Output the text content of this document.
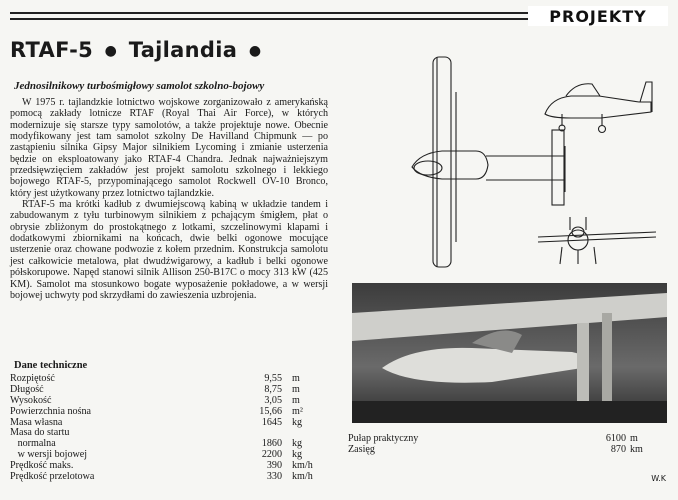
PROJEKTY
RTAF-5 ● Tajlandia ●
Jednosilnikowy turbośmigłowy samolot szkolno-bojowy

W 1975 r. tajlandzkie lotnictwo wojskowe zorganizowało z amerykańską pomocą zakłady lotnicze RTAF (Royal Thai Air Force), w których modernizuje się starsze typy samolotów, a także projektuje nowe. Obecnie modyfikowany jest tam samolot szkolny De Havilland Chipmunk — po zastąpieniu silnika Gipsy Major silnikiem Lycoming i zmianie usterzenia będzie on eksploatowany jako RTAF-4 Chandra. Jednak najważniejszym przedsięwzięciem zakładów jest projekt samolotu szkolnego i lekkiego bojowego RTAF-5, przypominającego samolot Rockwell OV-10 Bronco, który jest użytkowany przez lotnictwo tajlandzkie.

RTAF-5 ma krótki kadłub z dwumiejscową kabiną w układzie tandem i zabudowanym z tyłu turbinowym silnikiem z pchającym śmigłem, płat o obrysie zbliżonym do prostokątnego z lotkami, szczelinowymi klapami i dodatkowymi zbiornikami na końcach, dwie belki ogonowe mocujące usterzenie oraz chowane podwozie z kołem przednim. Konstrukcja samolotu jest całkowicie metalowa, płat dwudźwigarowy, a kadłub i belki ogonowe półskorupowe. Napęd stanowi silnik Allison 250-B17C o mocy 313 kW (425 KM). Samolot ma stosunkowo bogate wyposażenie pokładowe, a w wersji bojowej uchwyty pod skrzydłami do zawieszenia uzbrojenia.

Dane techniczne
Rozpiętość	9,55 m
Długość	8,75 m
Wysokość	3,05 m
Powierzchnia nośna	15,66 m²
Masa własna	1645 kg
Masa do startu
normalna	1860 kg
w wersji bojowej	2200 kg
Prędkość maks.	390 km/h
Prędkość przelotowa	330 km/h
Pułap praktyczny	6100 m
Zasięg	870 km
W.K
